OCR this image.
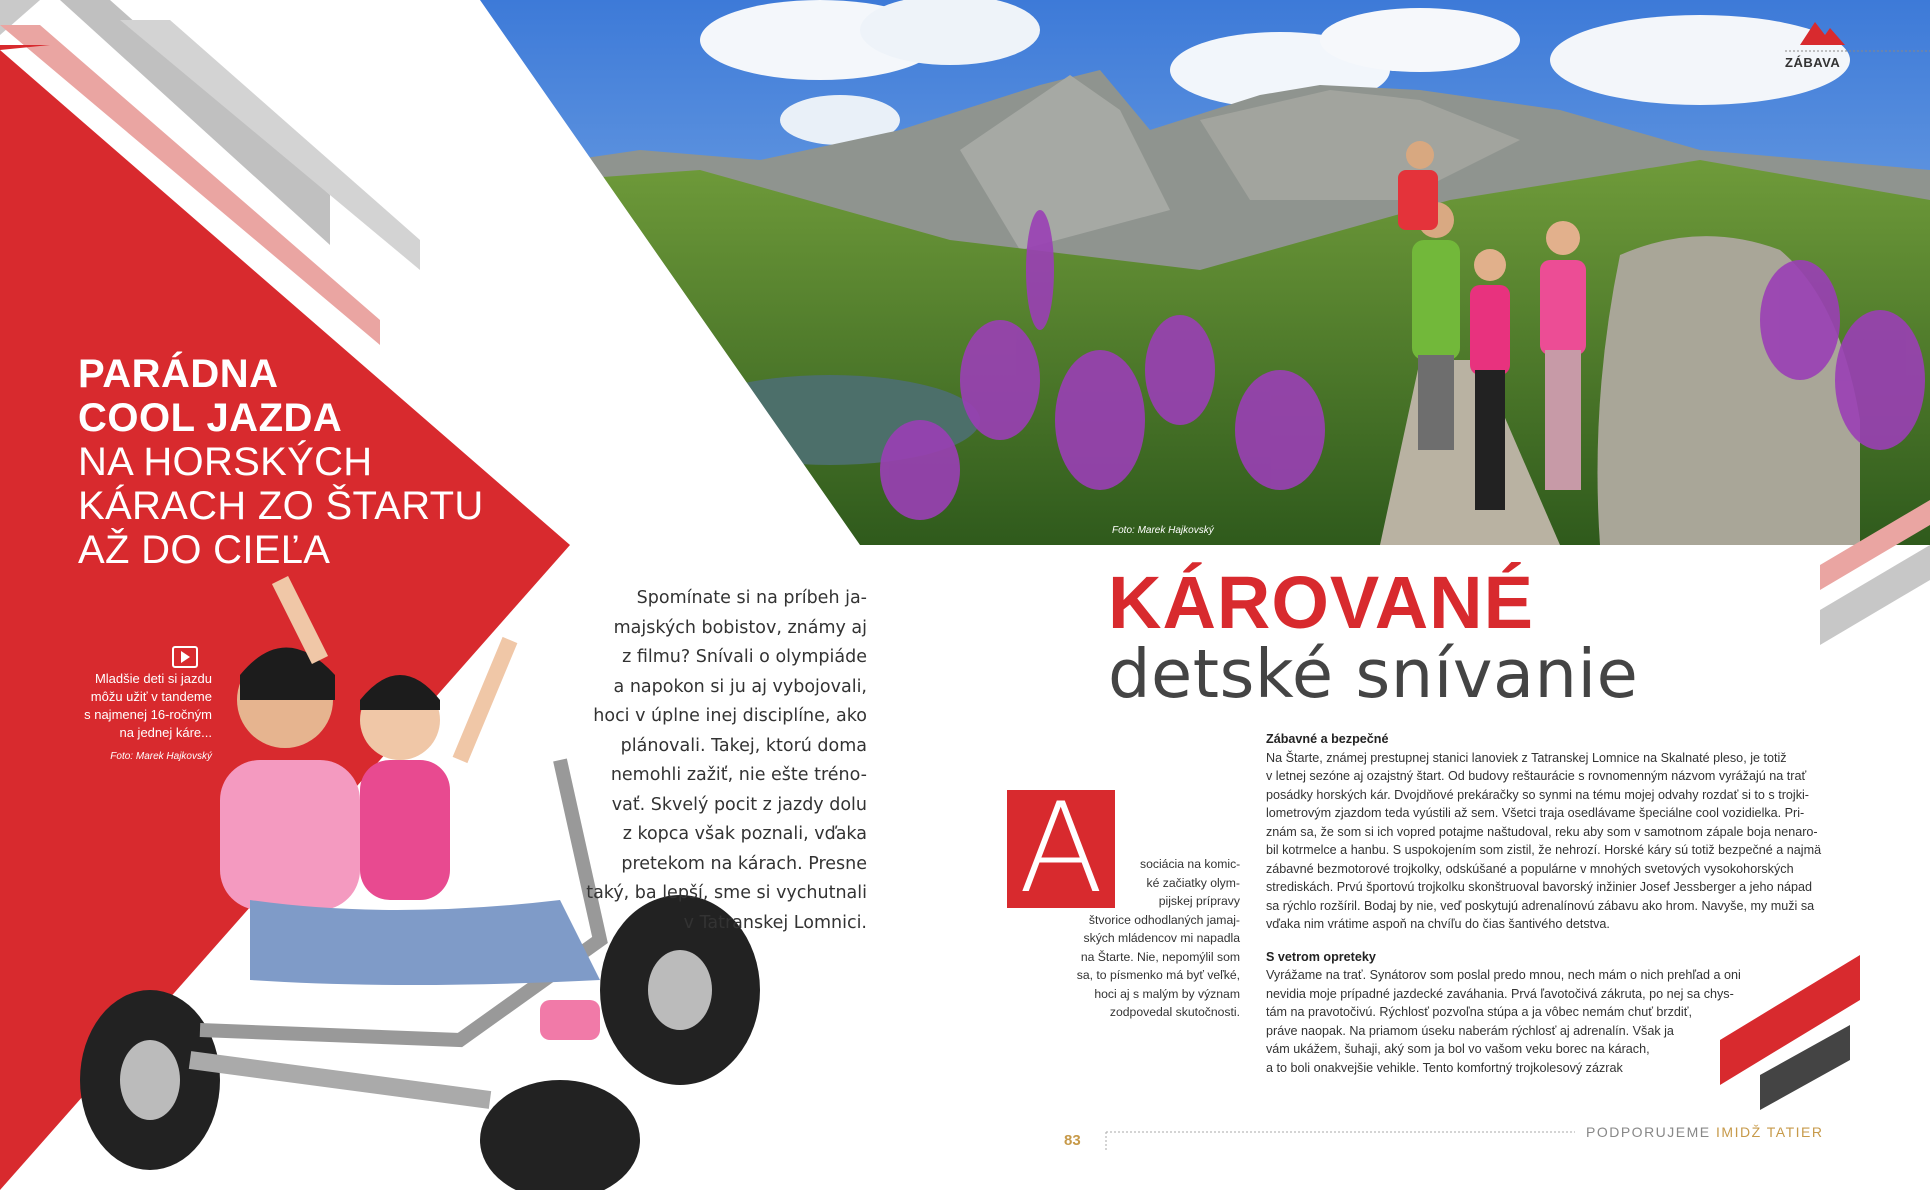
ZÁBAVA
Foto: Marek Hajkovský
PARÁDNA
COOL JAZDA
NA HORSKÝCH
KÁRACH ZO ŠTARTU
AŽ DO CIEĽA
Mladšie deti si jazdu
môžu užiť v tandeme
s najmenej 16-ročným
na jednej káre...
Foto: Marek Hajkovský
Spomínate si na príbeh ja-
majských bobistov, známy aj
z filmu? Snívali o olympiáde
a napokon si ju aj vybojovali,
hoci v úplne inej disciplíne, ako
plánovali. Takej, ktorú doma
nemohli zažiť, nie ešte tréno-
vať. Skvelý pocit z jazdy dolu
z kopca však poznali, vďaka
pretekom na kárach. Presne
taký, ba lepší, sme si vychutnali
v Tatranskej Lomnici.
KÁROVANÉ
detské snívanie
A	sociácia na komic-
ké začiatky olym-
pijskej prípravy
štvorice odhodlaných jamaj-
ských mládencov mi napadla
na Štarte. Nie, nepomýlil som
sa, to písmenko má byť veľké,
hoci aj s malým by význam
zodpovedal skutočnosti.
Zábavné a bezpečné
Na Štarte, známej prestupnej stanici lanoviek z Tatranskej Lomnice na Skalnaté pleso, je totiž
v letnej sezóne aj ozajstný štart. Od budovy reštaurácie s rovnomenným názvom vyrážajú na trať
posádky horských kár. Dvojdňové prekáračky so synmi na tému mojej odvahy rozdať si to s trojki-
lometrovým zjazdom teda vyústili až sem. Všetci traja osedlávame špeciálne cool vozidielka. Pri-
znám sa, že som si ich vopred potajme naštudoval, reku aby som v samotnom zápale boja nenaro-
bil kotrmelce a hanbu. S uspokojením som zistil, že nehrozí. Horské káry sú totiž bezpečné a najmä
zábavné bezmotorové trojkolky, odskúšané a populárne v mnohých svetových vysokohorských
strediskách. Prvú športovú trojkolku skonštruoval bavorský inžinier Josef Jessberger a jeho nápad
sa rýchlo rozšíril. Bodaj by nie, veď poskytujú adrenalínovú zábavu ako hrom. Navyše, my muži sa
vďaka nim vrátime aspoň na chvíľu do čias šantivého detstva.
S vetrom opreteky
Vyrážame na trať. Synátorov som poslal predo mnou, nech mám o nich prehľad a oni
nevidia moje prípadné jazdecké zaváhania. Prvá ľavotočivá zákruta, po nej sa chys-
tám na pravotočivú. Rýchlosť pozvoľna stúpa a ja vôbec nemám chuť brzdiť,
práve naopak. Na priamom úseku naberám rýchlosť aj adrenalín. Však ja
vám ukážem, šuhaji, aký som ja bol vo vašom veku borec na kárach,
a to boli onakvejšie vehikle. Tento komfortný trojkolesový zázrak
83	PODPORUJEME IMIDŽ TATIER
